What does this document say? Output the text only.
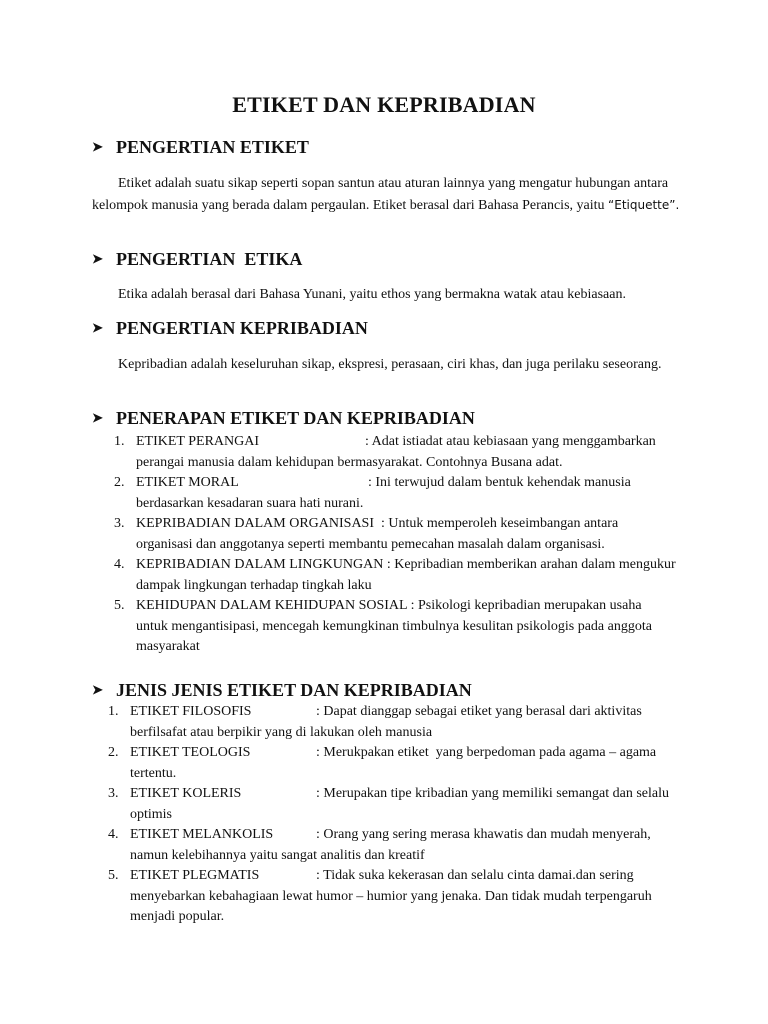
ETIKET DAN KEPRIBADIAN
➤ PENGERTIAN ETIKET

Etiket adalah suatu sikap seperti sopan santun atau aturan lainnya yang mengatur hubungan antara kelompok manusia yang berada dalam pergaulan. Etiket berasal dari Bahasa Perancis, yaitu “Etiquette”.

➤ PENGERTIAN  ETIKA

Etika adalah berasal dari Bahasa Yunani, yaitu ethos yang bermakna watak atau kebiasaan.

➤ PENGERTIAN KEPRIBADIAN

Kepribadian adalah keseluruhan sikap, ekspresi, perasaan, ciri khas, dan juga perilaku seseorang.

➤ PENERAPAN ETIKET DAN KEPRIBADIAN
1. ETIKET PERANGAI	: Adat istiadat atau kebiasaan yang menggambarkan perangai manusia dalam kehidupan bermasyarakat. Contohnya Busana adat.
2. ETIKET MORAL	: Ini terwujud dalam bentuk kehendak manusia berdasarkan kesadaran suara hati nurani.
3. KEPRIBADIAN DALAM ORGANISASI  : Untuk memperoleh keseimbangan antara organisasi dan anggotanya seperti membantu pemecahan masalah dalam organisasi.
4. KEPRIBADIAN DALAM LINGKUNGAN : Kepribadian memberikan arahan dalam mengukur dampak lingkungan terhadap tingkah laku
5. KEHIDUPAN DALAM KEHIDUPAN SOSIAL : Psikologi kepribadian merupakan usaha untuk mengantisipasi, mencegah kemungkinan timbulnya kesulitan psikologis pada anggota masyarakat
➤ JENIS JENIS ETIKET DAN KEPRIBADIAN
1. ETIKET FILOSOFIS	: Dapat dianggap sebagai etiket yang berasal dari aktivitas berfilsafat atau berpikir yang di lakukan oleh manusia
2. ETIKET TEOLOGIS	: Merukpakan etiket  yang berpedoman pada agama – agama tertentu.
3. ETIKET KOLERIS	: Merupakan tipe kribadian yang memiliki semangat dan selalu optimis
4. ETIKET MELANKOLIS	: Orang yang sering merasa khawatis dan mudah menyerah, namun kelebihannya yaitu sangat analitis dan kreatif
5. ETIKET PLEGMATIS	: Tidak suka kekerasan dan selalu cinta damai.dan sering menyebarkan kebahagiaan lewat humor – humior yang jenaka. Dan tidak mudah terpengaruh menjadi popular.
